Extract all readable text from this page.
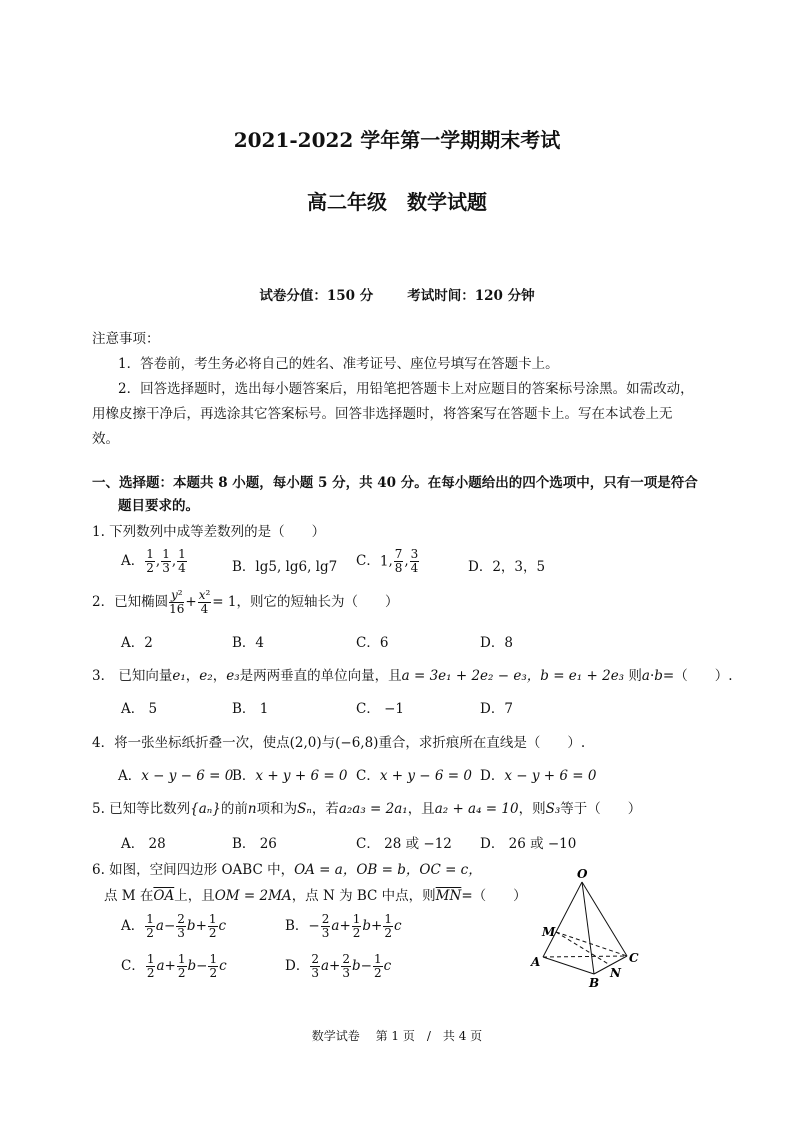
2021-2022 学年第一学期期末考试
高二年级　数学试题
试卷分值：150 分	考试时间：120 分钟
注意事项：
1．答卷前，考生务必将自己的姓名、准考证号、座位号填写在答题卡上。
2．回答选择题时，选出每小题答案后，用铅笔把答题卡上对应题目的答案标号涂黑。如需改动，
用橡皮擦干净后，再选涂其它答案标号。回答非选择题时，将答案写在答题卡上。写在本试卷上无
效。
一、选择题：本题共 8 小题，每小题 5 分，共 40 分。在每小题给出的四个选项中，只有一项是符合
题目要求的。
1. 下列数列中成等差数列的是（　　）
A． $\frac{1}{2}$ , $\frac{1}{3}$ , $\frac{1}{4}$	B．lg5, lg6, lg7 C．1, $\frac{7}{8}$ , $\frac{3}{4}$	D．2，3，5
2．已知椭圆 $\frac{\text{y²}}{16} + \frac{\text{x²}}{4} = 1$，则它的短轴长为（　　）
A．2	B．4	C．6	D．8
3． 已知向量e₁，e₂，e₃是两两垂直的单位向量，且a = 3e₁ + 2e₂ − e₃，b = e₁ + 2e₃ 则a·b=（　　）.
A． 5	B． 1	C． −1	D．7
4．将一张坐标纸折叠一次，使点(2,0)与(−6,8)重合，求折痕所在直线是（　　）.
A．x − y − 6 = 0
B．x + y + 6 = 0 C．x + y − 6 = 0 D．x − y + 6 = 0
5. 已知等比数列{aₙ}的前n项和为Sₙ，若a₂a₃ = 2a₁，且a₂ + a₄ = 10，则S₃等于（　　）
A． 28	B． 26	C． 28 或 −12 D． 26 或 −10
6. 如图，空间四边形 OABC 中，OA = a，OB = b，OC = c，
点 M 在$\overline{OA}$上，且OM = 2MA，点 N 为 BC 中点，则$\overline{MN}=$（　　）
A． $\frac{1}{2} a- \frac{2}{3} b+ \frac{1}{2}$ c	B．− $\frac{2}{3} a+ \frac{1}{2} b+ \frac{1}{2}$ c
C． $\frac{1}{2} a+ \frac{1}{2} b- \frac{1}{2}$ c	D． $\frac{2}{3} a+ \frac{2}{3} b- \frac{1}{2}$ c
O
M
A
B
C
N
数学试卷　 第 1 页　/　共 4 页
